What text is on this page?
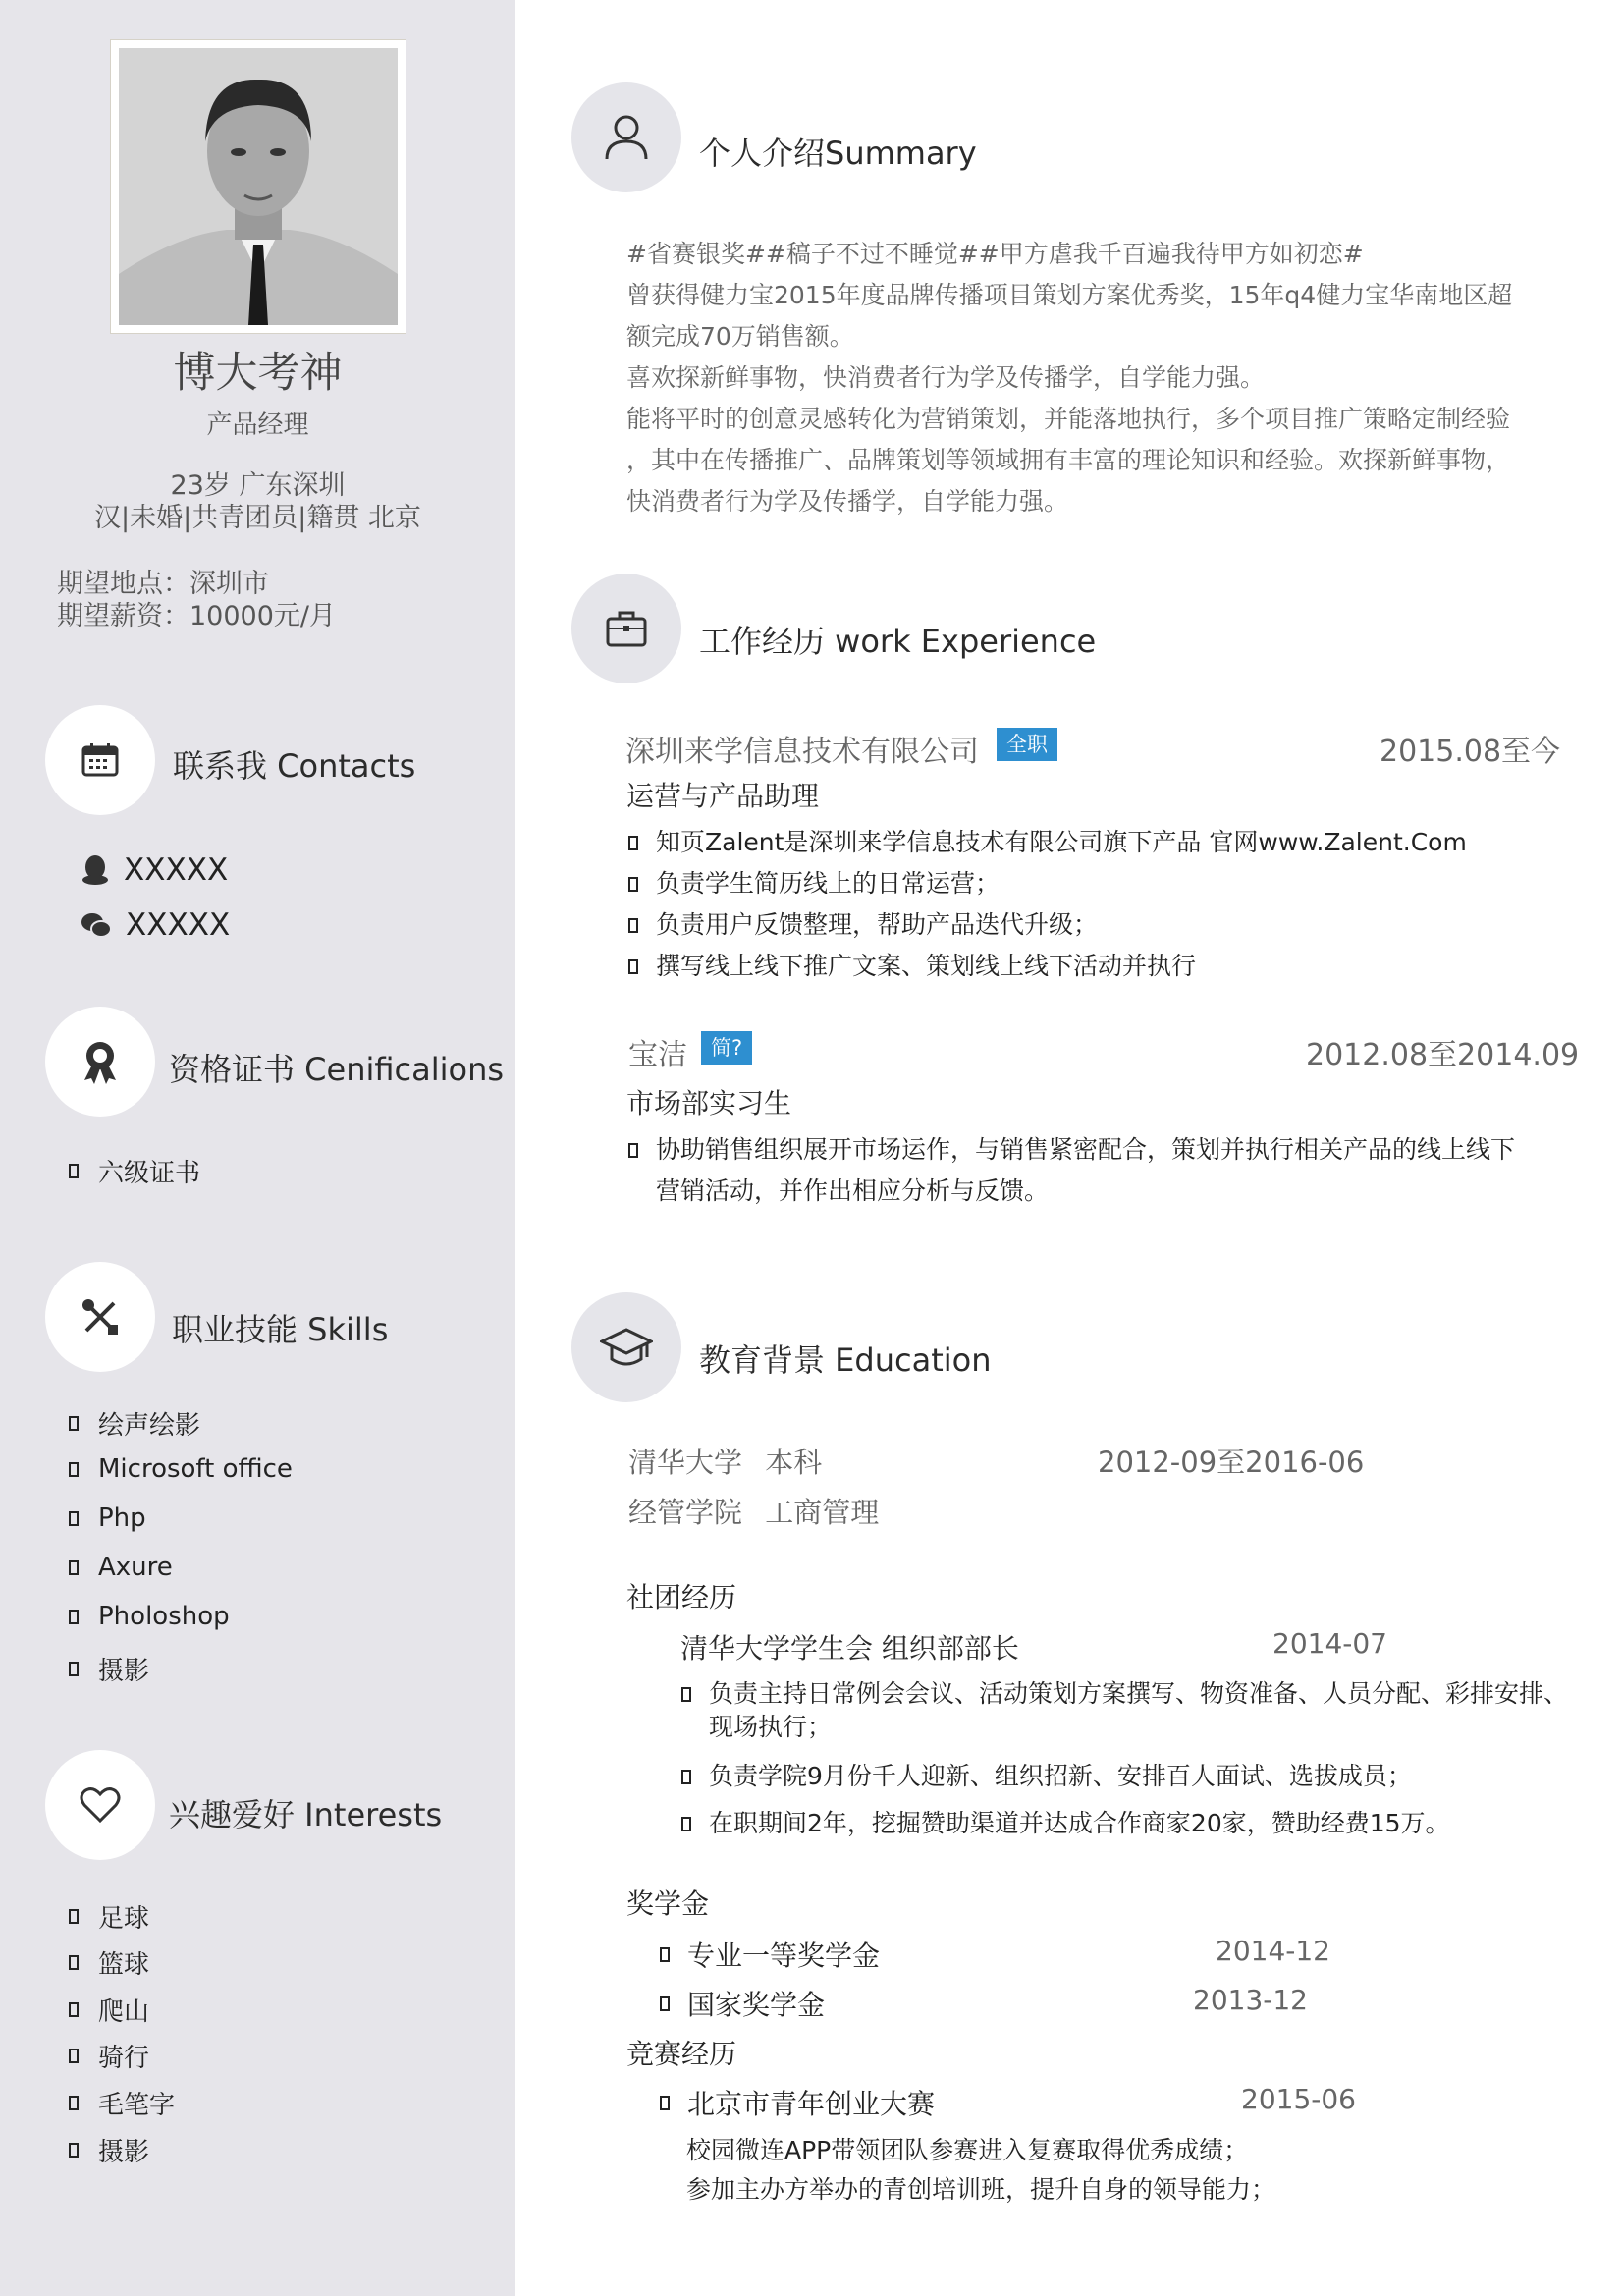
博大考神
产品经理
23岁 广东深圳
汉|未婚|共青团员|籍贯 北京
期望地点：深圳市
期望薪资：10000元/月
联系我 Contacts
XXXXX
XXXXX
资格证书 Cenificalions
六级证书
职业技能 Skills
绘声绘影
Microsoft office
Php
Axure
Pholoshop
摄影
兴趣爱好 Interests
足球
篮球
爬山
骑行
毛笔字
摄影
个人介绍Summary
#省赛银奖##稿子不过不睡觉##甲方虐我千百遍我待甲方如初恋#
曾获得健力宝2015年度品牌传播项目策划方案优秀奖，15年q4健力宝华南地区超
额完成70万销售额。
喜欢探新鲜事物，快消费者行为学及传播学，自学能力强。
能将平时的创意灵感转化为营销策划，并能落地执行，多个项目推广策略定制经验
，其中在传播推广、品牌策划等领域拥有丰富的理论知识和经验。欢探新鲜事物，
快消费者行为学及传播学，自学能力强。
工作经历 work Experience
深圳来学信息技术有限公司	全职	2015.08至今
运营与产品助理
知页Zalent是深圳来学信息技术有限公司旗下产品 官网www.Zalent.Com
负责学生简历线上的日常运营；
负责用户反馈整理，帮助产品迭代升级；
撰写线上线下推广文案、策划线上线下活动并执行
宝洁	简?	2012.08至2014.09
市场部实习生
协助销售组织展开市场运作，与销售紧密配合，策划并执行相关产品的线上线下
营销活动，并作出相应分析与反馈。
教育背景 Education
清华大学 本科	2012-09至2016-06
经管学院 工商管理
社团经历
清华大学学生会 组织部部长	2014-07
负责主持日常例会会议、活动策划方案撰写、物资准备、人员分配、彩排安排、
现场执行；
负责学院9月份千人迎新、组织招新、安排百人面试、选拔成员；
在职期间2年，挖掘赞助渠道并达成合作商家20家，赞助经费15万。
奖学金
专业一等奖学金	2014-12
国家奖学金	2013-12
竞赛经历
北京市青年创业大赛	2015-06
校园微连APP带领团队参赛进入复赛取得优秀成绩；
参加主办方举办的青创培训班，提升自身的领导能力；
